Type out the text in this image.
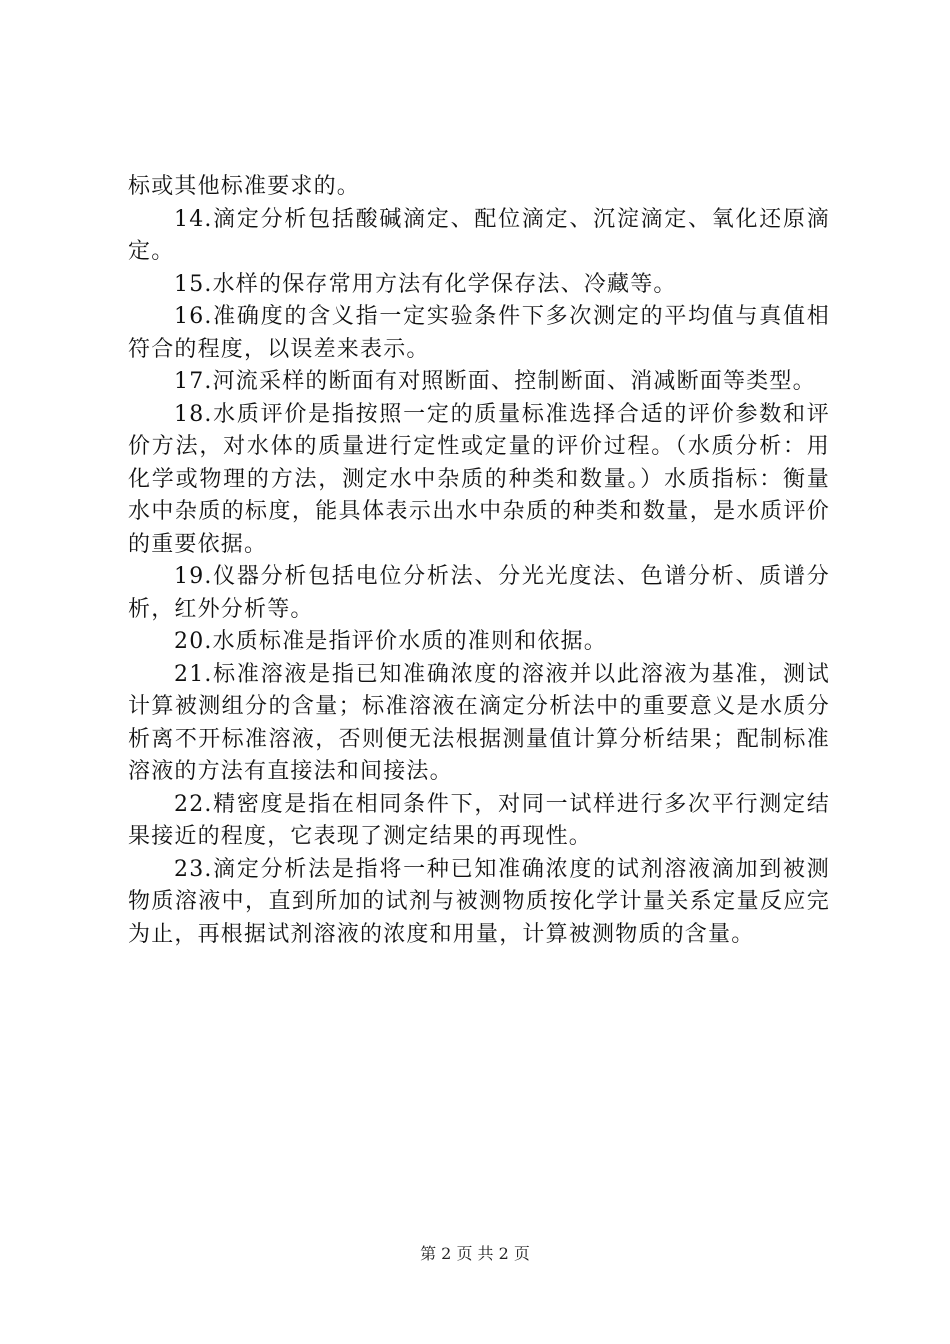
标或其他标准要求的。

14.滴定分析包括酸碱滴定、配位滴定、沉淀滴定、氧化还原滴定。

15.水样的保存常用方法有化学保存法、冷藏等。

16.准确度的含义指一定实验条件下多次测定的平均值与真值相符合的程度，以误差来表示。

17.河流采样的断面有对照断面、控制断面、消减断面等类型。

18.水质评价是指按照一定的质量标准选择合适的评价参数和评价方法，对水体的质量进行定性或定量的评价过程。（水质分析：用化学或物理的方法，测定水中杂质的种类和数量。）水质指标：衡量水中杂质的标度，能具体表示出水中杂质的种类和数量，是水质评价的重要依据。

19.仪器分析包括电位分析法、分光光度法、色谱分析、质谱分析，红外分析等。

20.水质标准是指评价水质的准则和依据。

21.标准溶液是指已知准确浓度的溶液并以此溶液为基准，测试计算被测组分的含量；标准溶液在滴定分析法中的重要意义是水质分析离不开标准溶液，否则便无法根据测量值计算分析结果；配制标准溶液的方法有直接法和间接法。

22.精密度是指在相同条件下，对同一试样进行多次平行测定结果接近的程度，它表现了测定结果的再现性。

23.滴定分析法是指将一种已知准确浓度的试剂溶液滴加到被测物质溶液中，直到所加的试剂与被测物质按化学计量关系定量反应完为止，再根据试剂溶液的浓度和用量，计算被测物质的含量。

第 2 页 共 2 页
